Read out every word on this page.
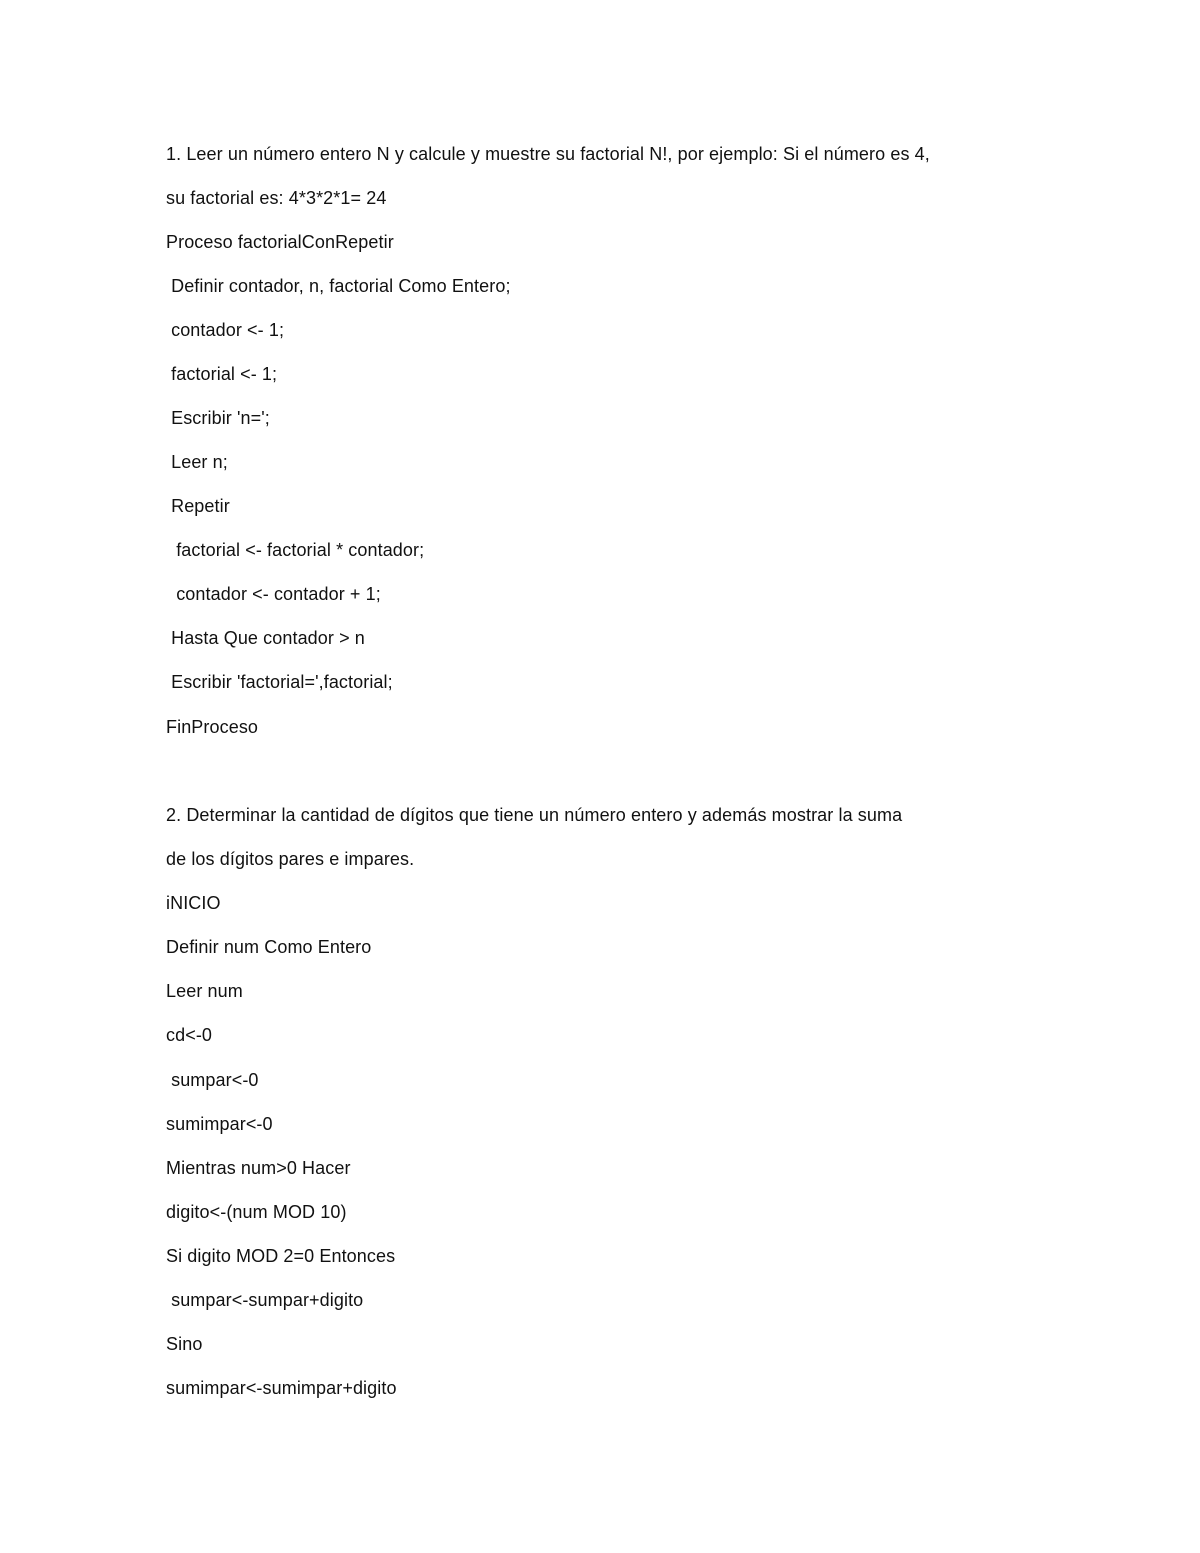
1. Leer un número entero N y calcule y muestre su factorial N!, por ejemplo: Si el número es 4,
su factorial es: 4*3*2*1= 24
Proceso factorialConRepetir
Definir contador, n, factorial Como Entero;
contador <- 1;
factorial <- 1;
Escribir 'n=';
Leer n;
Repetir
factorial <- factorial * contador;
contador <- contador + 1;
Hasta Que contador > n
Escribir 'factorial=',factorial;
FinProceso
2. Determinar la cantidad de dígitos que tiene un número entero y además mostrar la suma
de los dígitos pares e impares.
iNICIO
Definir num Como Entero
Leer num
cd<-0
sumpar<-0
sumimpar<-0
Mientras num>0 Hacer
digito<-(num MOD 10)
Si digito MOD 2=0 Entonces
sumpar<-sumpar+digito
Sino
sumimpar<-sumimpar+digito
